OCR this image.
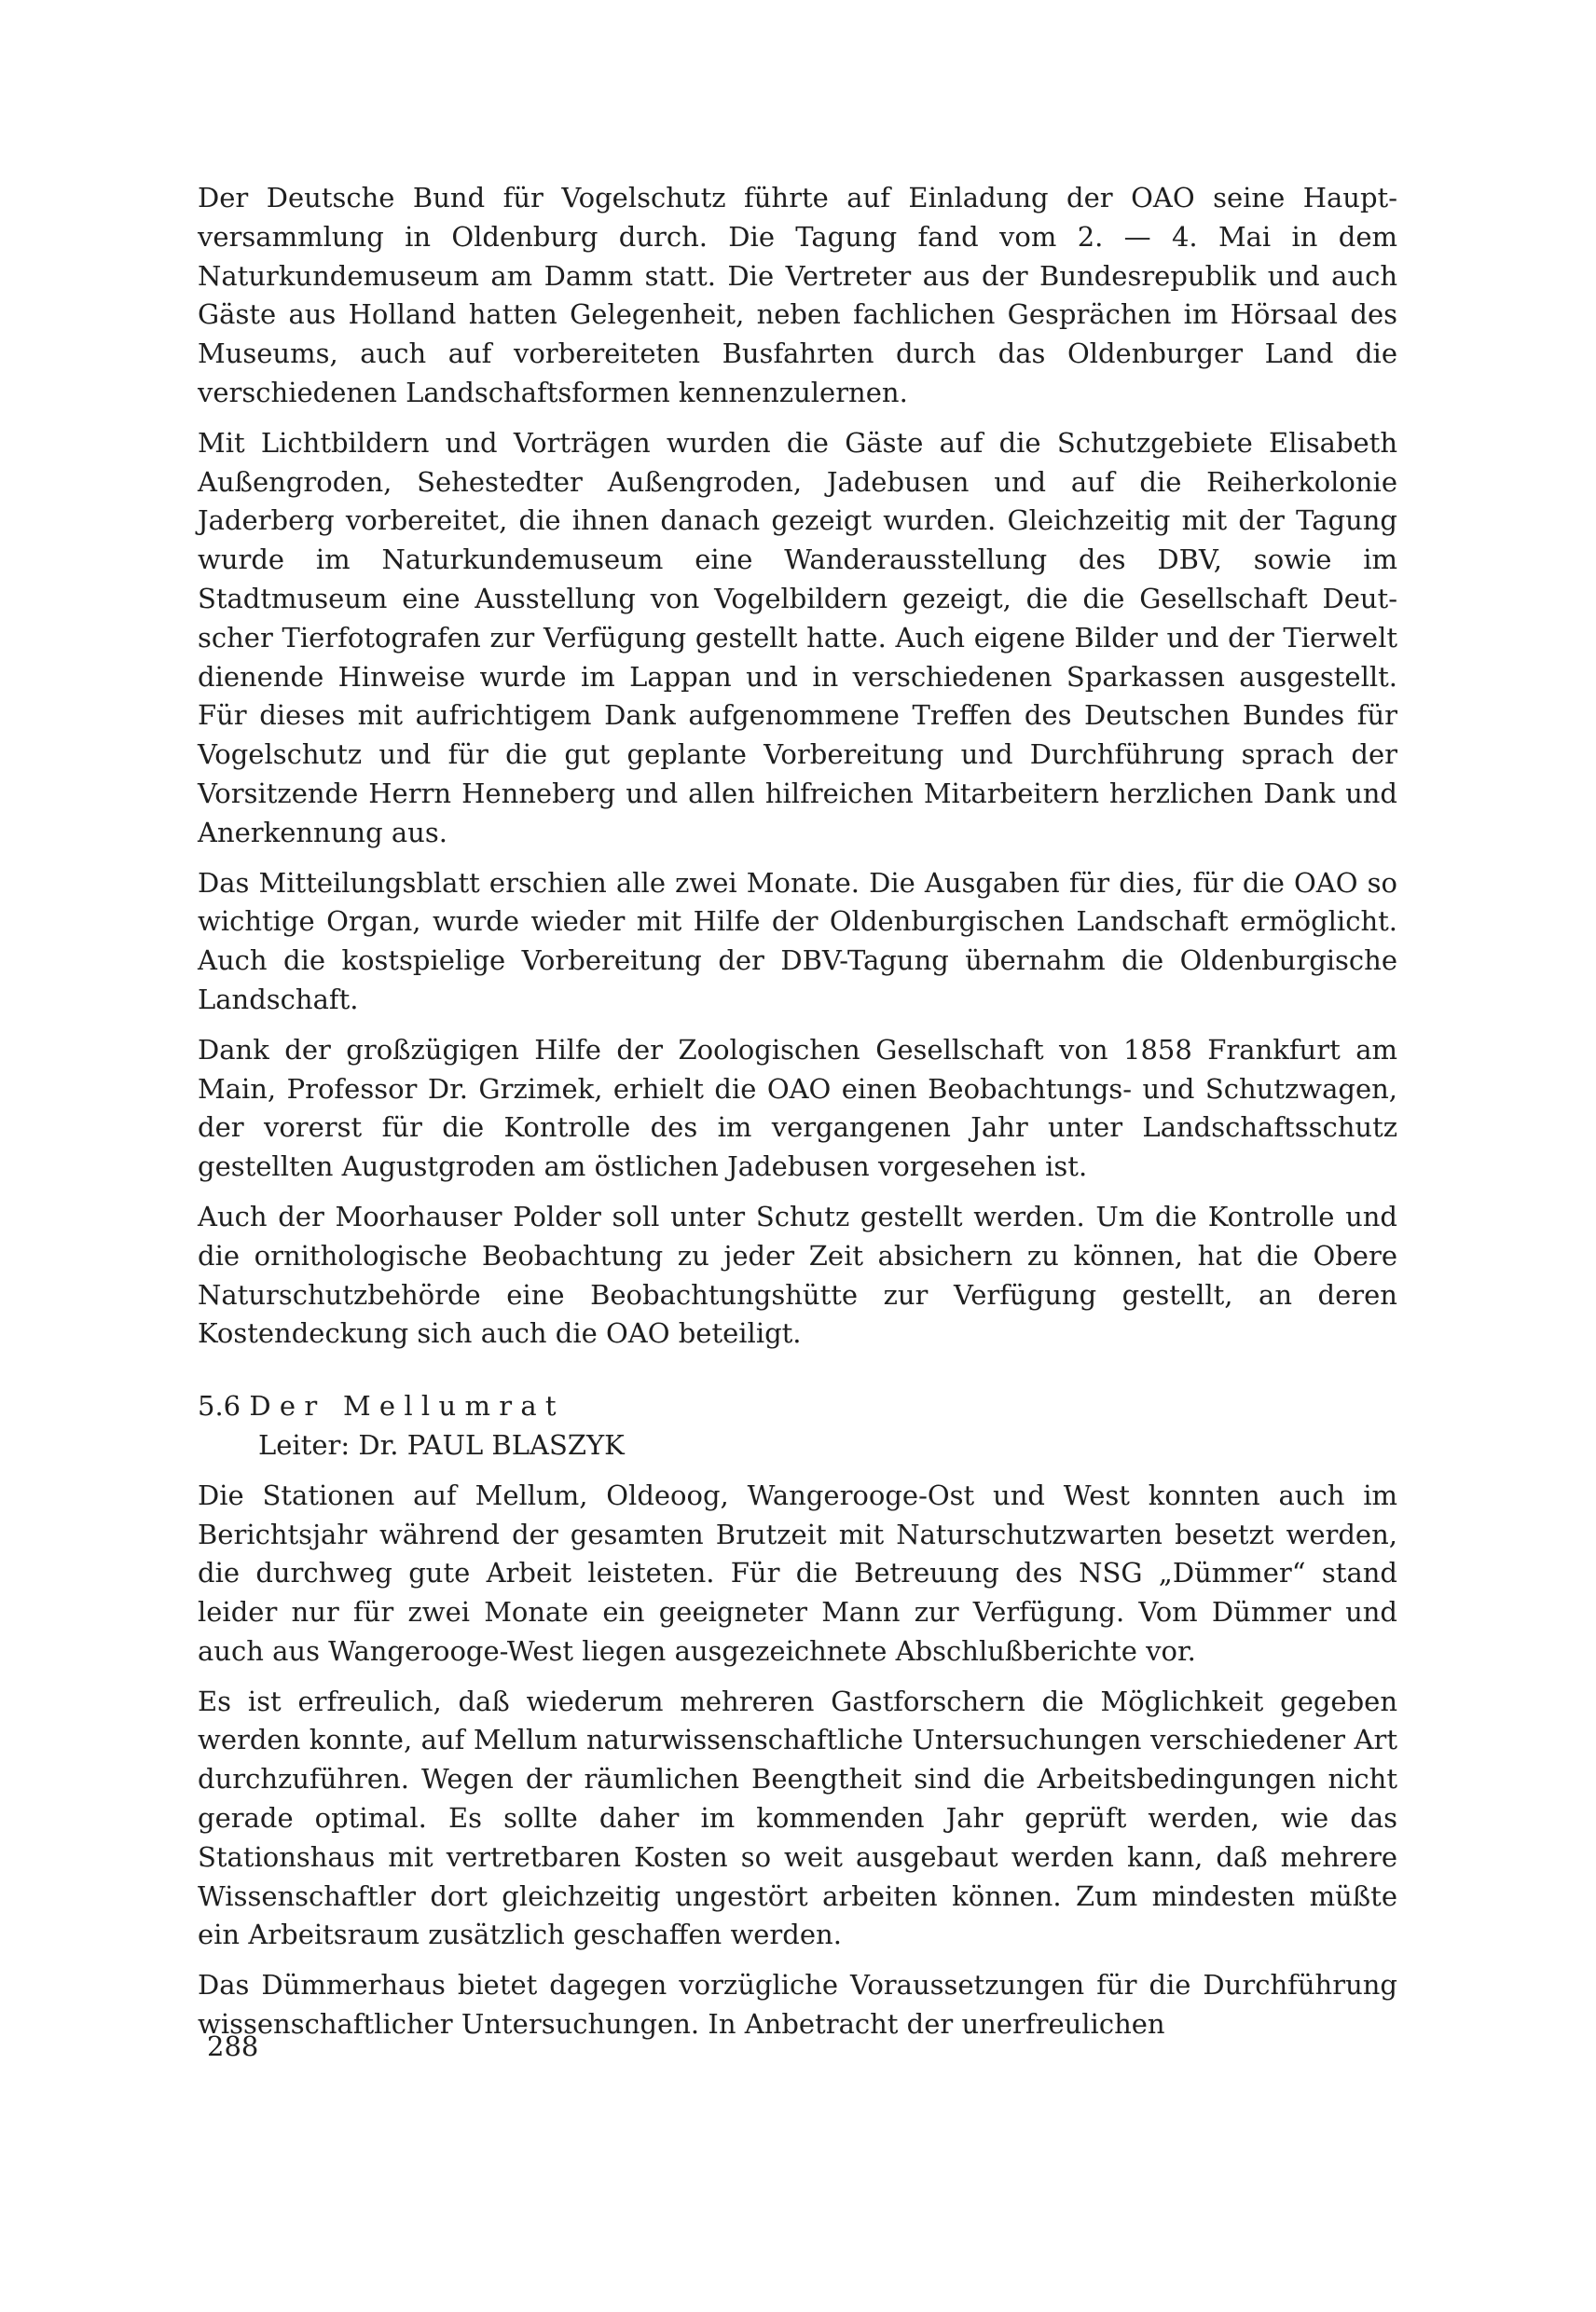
Der Deutsche Bund für Vogelschutz führte auf Einladung der OAO seine Hauptversammlung in Oldenburg durch. Die Tagung fand vom 2. — 4. Mai in dem Naturkundemuseum am Damm statt. Die Vertreter aus der Bundesrepublik und auch Gäste aus Holland hatten Gelegenheit, neben fachlichen Gesprächen im Hörsaal des Museums, auch auf vorbereiteten Busfahrten durch das Oldenburger Land die verschiedenen Landschaftsformen kennenzulernen.

Mit Lichtbildern und Vorträgen wurden die Gäste auf die Schutzgebiete Elisabeth Außengroden, Sehestedter Außengroden, Jadebusen und auf die Reiherkolonie Jaderberg vorbereitet, die ihnen danach gezeigt wurden. Gleichzeitig mit der Tagung wurde im Naturkundemuseum eine Wanderausstellung des DBV, sowie im Stadtmuseum eine Ausstellung von Vogelbildern gezeigt, die die Gesellschaft Deutscher Tierfotografen zur Verfügung gestellt hatte. Auch eigene Bilder und der Tierwelt dienende Hinweise wurde im Lappan und in verschiedenen Sparkassen ausgestellt. Für dieses mit aufrichtigem Dank aufgenommene Treffen des Deutschen Bundes für Vogelschutz und für die gut geplante Vorbereitung und Durchführung sprach der Vorsitzende Herrn Henneberg und allen hilfreichen Mitarbeitern herzlichen Dank und Anerkennung aus.

Das Mitteilungsblatt erschien alle zwei Monate. Die Ausgaben für dies, für die OAO so wichtige Organ, wurde wieder mit Hilfe der Oldenburgischen Landschaft ermöglicht. Auch die kostspielige Vorbereitung der DBV-Tagung übernahm die Oldenburgische Landschaft.

Dank der großzügigen Hilfe der Zoologischen Gesellschaft von 1858 Frankfurt am Main, Professor Dr. Grzimek, erhielt die OAO einen Beobachtungs- und Schutzwagen, der vorerst für die Kontrolle des im vergangenen Jahr unter Landschaftsschutz gestellten Augustgroden am östlichen Jadebusen vorgesehen ist.

Auch der Moorhauser Polder soll unter Schutz gestellt werden. Um die Kontrolle und die ornithologische Beobachtung zu jeder Zeit absichern zu können, hat die Obere Naturschutzbehörde eine Beobachtungshütte zur Verfügung gestellt, an deren Kostendeckung sich auch die OAO beteiligt.

5.6 Der Mellumrat
Leiter: Dr. PAUL BLASZYK

Die Stationen auf Mellum, Oldeoog, Wangerooge-Ost und West konnten auch im Berichtsjahr während der gesamten Brutzeit mit Naturschutzwarten besetzt werden, die durchweg gute Arbeit leisteten. Für die Betreuung des NSG „Dümmer“ stand leider nur für zwei Monate ein geeigneter Mann zur Verfügung. Vom Dümmer und auch aus Wangerooge-West liegen ausgezeichnete Abschlußberichte vor.

Es ist erfreulich, daß wiederum mehreren Gastforschern die Möglichkeit gegeben werden konnte, auf Mellum naturwissenschaftliche Untersuchungen verschiedener Art durchzuführen. Wegen der räumlichen Beengtheit sind die Arbeitsbedingungen nicht gerade optimal. Es sollte daher im kommenden Jahr geprüft werden, wie das Stationshaus mit vertretbaren Kosten so weit ausgebaut werden kann, daß mehrere Wissenschaftler dort gleichzeitig ungestört arbeiten können. Zum mindesten müßte ein Arbeitsraum zusätzlich geschaffen werden.

Das Dümmerhaus bietet dagegen vorzügliche Voraussetzungen für die Durchführung wissenschaftlicher Untersuchungen. In Anbetracht der unerfreulichen

288
